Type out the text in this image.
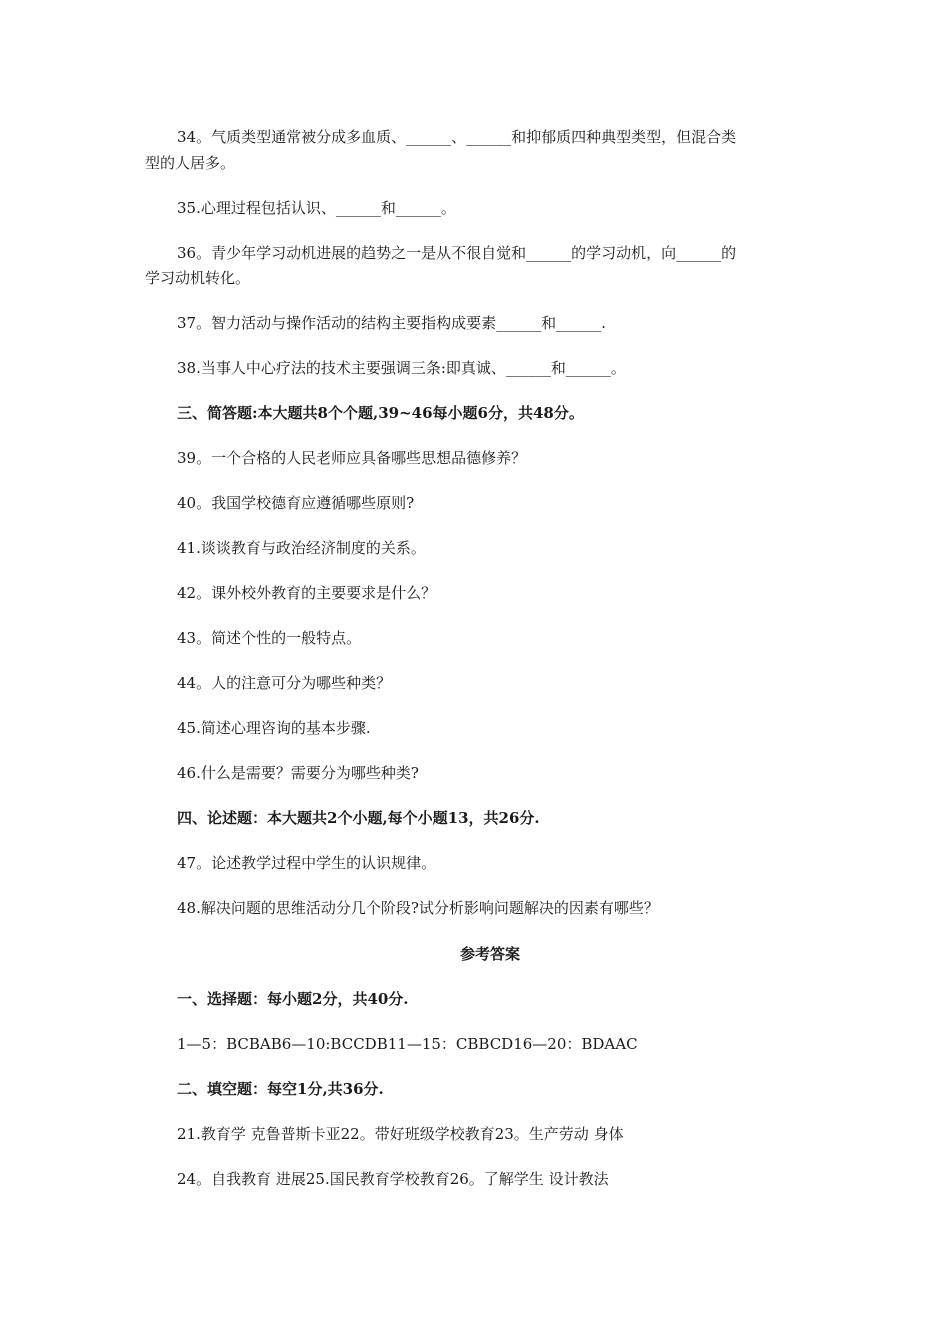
34。气质类型通常被分成多血质、______、______和抑郁质四种典型类型，但混合类
型的人居多。
35.心理过程包括认识、______和______。
36。青少年学习动机进展的趋势之一是从不很自觉和______的学习动机，向______的
学习动机转化。
37。智力活动与操作活动的结构主要指构成要素______和______.
38.当事人中心疗法的技术主要强调三条:即真诚、______和______。
三、简答题:本大题共8个个题,39~46每小题6分，共48分。
39。一个合格的人民老师应具备哪些思想品德修养？
40。我国学校德育应遵循哪些原则?
41.谈谈教育与政治经济制度的关系。
42。课外校外教育的主要要求是什么？
43。简述个性的一般特点。
44。人的注意可分为哪些种类？
45.简述心理咨询的基本步骤.
46.什么是需要？需要分为哪些种类?
四、论述题：本大题共2个小题,每个小题13，共26分.
47。论述教学过程中学生的认识规律。
48.解决问题的思维活动分几个阶段?试分析影响问题解决的因素有哪些？
参考答案
一、选择题：每小题2分，共40分.
1—5：BCBAB6—10:BCCDB11—15：CBBCD16—20：BDAAC
二、填空题：每空1分,共36分.
21.教育学 克鲁普斯卡亚22。带好班级学校教育23。生产劳动 身体
24。自我教育 进展25.国民教育学校教育26。了解学生 设计教法
